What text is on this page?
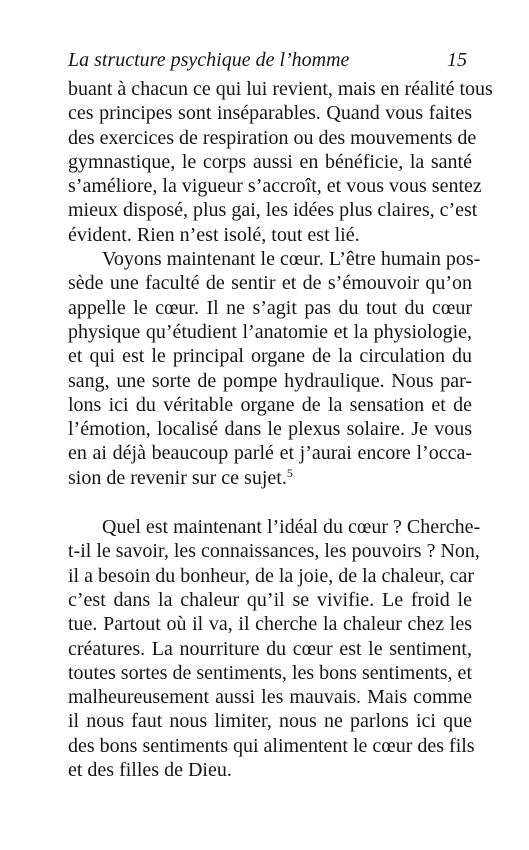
La structure psychique de l’homme	15
buant à chacun ce qui lui revient, mais en réalité tous
ces principes sont inséparables. Quand vous faites
des exercices de respiration ou des mouvements de
gymnastique, le corps aussi en bénéficie, la santé
s’améliore, la vigueur s’accroît, et vous vous sentez
mieux disposé, plus gai, les idées plus claires, c’est
évident. Rien n’est isolé, tout est lié.
Voyons maintenant le cœur. L’être humain pos-
sède une faculté de sentir et de s’émouvoir qu’on
appelle le cœur. Il ne s’agit pas du tout du cœur
physique qu’étudient l’anatomie et la physiologie,
et qui est le principal organe de la circulation du
sang, une sorte de pompe hydraulique. Nous par-
lons ici du véritable organe de la sensation et de
l’émotion, localisé dans le plexus solaire. Je vous
en ai déjà beaucoup parlé et j’aurai encore l’occa-
sion de revenir sur ce sujet.$^5$
Quel est maintenant l’idéal du cœur ? Cherche-
t-il le savoir, les connaissances, les pouvoirs ? Non,
il a besoin du bonheur, de la joie, de la chaleur, car
c’est dans la chaleur qu’il se vivifie. Le froid le
tue. Partout où il va, il cherche la chaleur chez les
créatures. La nourriture du cœur est le sentiment,
toutes sortes de sentiments, les bons sentiments, et
malheureusement aussi les mauvais. Mais comme
il nous faut nous limiter, nous ne parlons ici que
des bons sentiments qui alimentent le cœur des fils
et des filles de Dieu.
